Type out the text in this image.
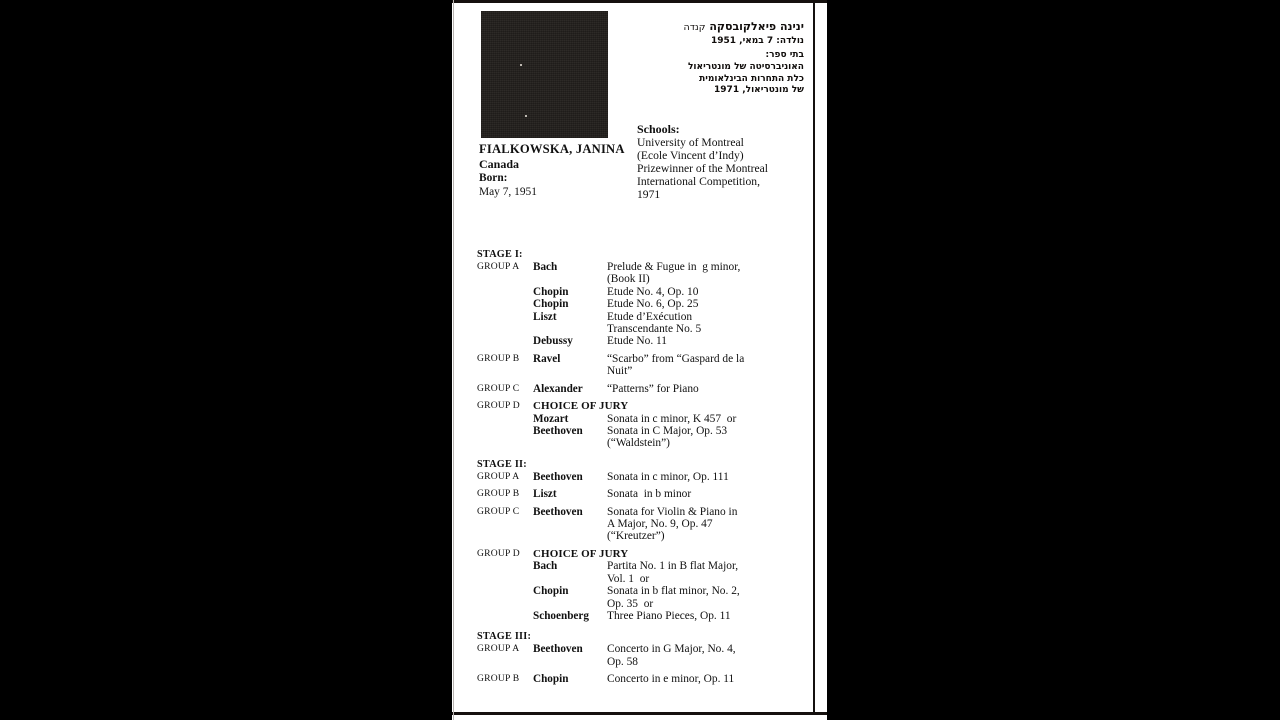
FIALKOWSKA, JANINA
Canada
Born:
May 7, 1951
ינינה פיאלקובסקה קנדה
נולדה: 7 במאי, 1951
בתי ספר:
האוניברסיטה של מונטריאול
כלת התחרות הבינלאומית
של מונטריאול, 1971
Schools:
University of Montreal
(Ecole Vincent d’Indy)
Prizewinner of the Montreal
International Competition,
1971
STAGE I:
GROUP A	Bach	Prelude & Fugue in  g minor,
(Book II)
Chopin	Etude No. 4, Op. 10
Chopin	Etude No. 6, Op. 25
Liszt	Etude d’Exécution
Transcendante No. 5
Debussy	Etude No. 11
GROUP B	Ravel	“Scarbo” from “Gaspard de la
Nuit”
GROUP C	Alexander	“Patterns” for Piano
GROUP D	CHOICE OF JURY
Mozart	Sonata in c minor, K 457  or
Beethoven	Sonata in C Major, Op. 53
(“Waldstein”)
STAGE II:
GROUP A	Beethoven	Sonata in c minor, Op. 111
GROUP B	Liszt	Sonata  in b minor
GROUP C	Beethoven	Sonata for Violin & Piano in
A Major, No. 9, Op. 47
(“Kreutzer”)
GROUP D	CHOICE OF JURY
Bach	Partita No. 1 in B flat Major,
Vol. 1  or
Chopin	Sonata in b flat minor, No. 2,
Op. 35  or
Schoenberg	Three Piano Pieces, Op. 11
STAGE III:
GROUP A	Beethoven	Concerto in G Major, No. 4,
Op. 58
GROUP B	Chopin	Concerto in e minor, Op. 11
